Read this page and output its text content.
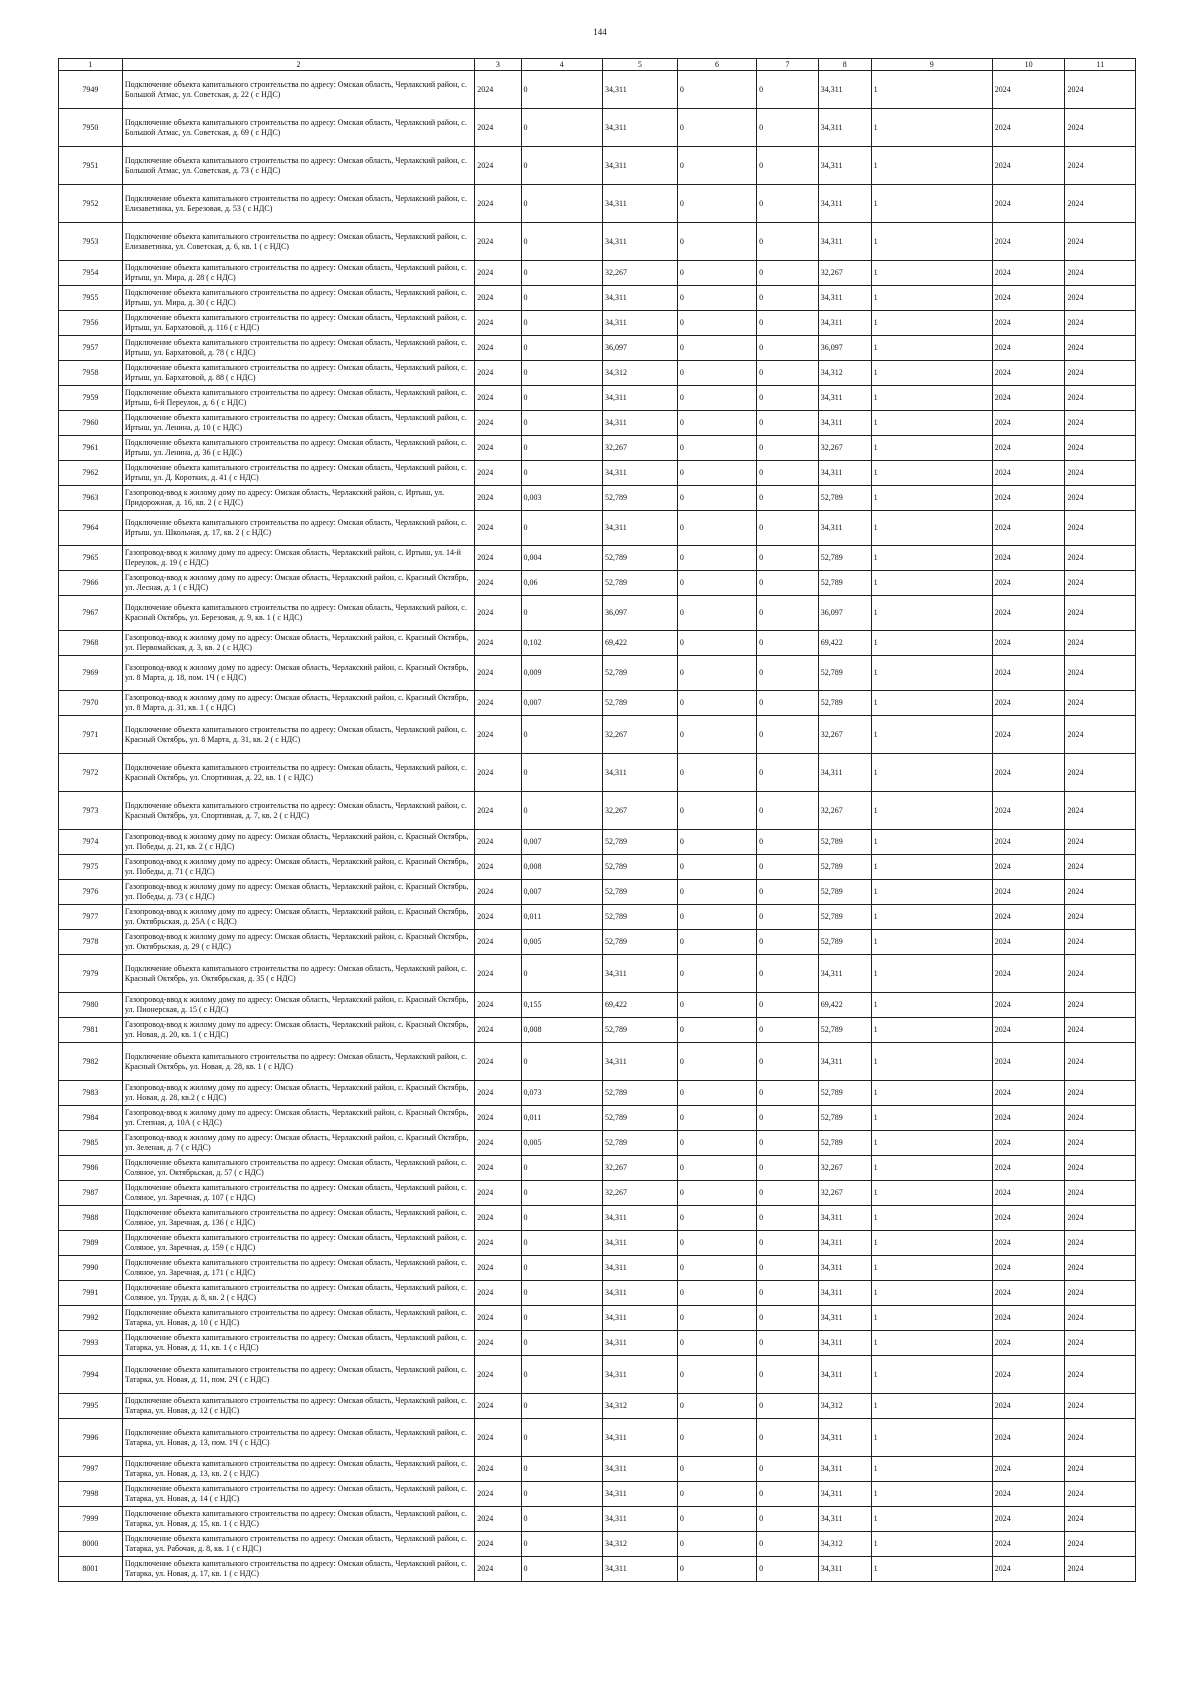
144
1	2	3	4	5	6	7	8	9	10	11
7949	Подключение объекта капитального строительства по адресу: Омская область, Черлакский район, с. Большой Атмас, ул. Советская, д. 22 ( с НДС)	2024	0	34,311	0	0	34,311	1	2024	2024
7950	Подключение объекта капитального строительства по адресу: Омская область, Черлакский район, с. Большой Атмас, ул. Советская, д. 69 ( с НДС)	2024	0	34,311	0	0	34,311	1	2024	2024
7951	Подключение объекта капитального строительства по адресу: Омская область, Черлакский район, с. Большой Атмас, ул. Советская, д. 73 ( с НДС)	2024	0	34,311	0	0	34,311	1	2024	2024
7952	Подключение объекта капитального строительства по адресу: Омская область, Черлакский район, с. Елизаветинка, ул. Березовая, д. 53 ( с НДС)	2024	0	34,311	0	0	34,311	1	2024	2024
7953	Подключение объекта капитального строительства по адресу: Омская область, Черлакский район, с. Елизаветинка, ул. Советская, д. 6, кв. 1 ( с НДС)	2024	0	34,311	0	0	34,311	1	2024	2024
7954	Подключение объекта капитального строительства по адресу: Омская область, Черлакский район, с. Иртыш, ул. Мира, д. 28 ( с НДС)	2024	0	32,267	0	0	32,267	1	2024	2024
7955	Подключение объекта капитального строительства по адресу: Омская область, Черлакский район, с. Иртыш, ул. Мира, д. 30 ( с НДС)	2024	0	34,311	0	0	34,311	1	2024	2024
7956	Подключение объекта капитального строительства по адресу: Омская область, Черлакский район, с. Иртыш, ул. Бархатовой, д. 116 ( с НДС)	2024	0	34,311	0	0	34,311	1	2024	2024
7957	Подключение объекта капитального строительства по адресу: Омская область, Черлакский район, с. Иртыш, ул. Бархатовой, д. 78 ( с НДС)	2024	0	36,097	0	0	36,097	1	2024	2024
7958	Подключение объекта капитального строительства по адресу: Омская область, Черлакский район, с. Иртыш, ул. Бархатовой, д. 88 ( с НДС)	2024	0	34,312	0	0	34,312	1	2024	2024
7959	Подключение объекта капитального строительства по адресу: Омская область, Черлакский район, с. Иртыш, 6-й Переулок, д. 6 ( с НДС)	2024	0	34,311	0	0	34,311	1	2024	2024
7960	Подключение объекта капитального строительства по адресу: Омская область, Черлакский район, с. Иртыш, ул. Ленина, д. 10 ( с НДС)	2024	0	34,311	0	0	34,311	1	2024	2024
7961	Подключение объекта капитального строительства по адресу: Омская область, Черлакский район, с. Иртыш, ул. Ленина, д. 36 ( с НДС)	2024	0	32,267	0	0	32,267	1	2024	2024
7962	Подключение объекта капитального строительства по адресу: Омская область, Черлакский район, с. Иртыш, ул. Д. Коротких, д. 41 ( с НДС)	2024	0	34,311	0	0	34,311	1	2024	2024
7963	Газопровод-ввод к жилому дому по адресу: Омская область, Черлакский район, с. Иртыш, ул. Придорожная, д. 16, кв. 2 ( с НДС)	2024	0,003	52,789	0	0	52,789	1	2024	2024
7964	Подключение объекта капитального строительства по адресу: Омская область, Черлакский район, с. Иртыш, ул. Школьная, д. 17, кв. 2 ( с НДС)	2024	0	34,311	0	0	34,311	1	2024	2024
7965	Газопровод-ввод к жилому дому по адресу: Омская область, Черлакский район, с. Иртыш, ул. 14-й Переулок, д. 19 ( с НДС)	2024	0,004	52,789	0	0	52,789	1	2024	2024
7966	Газопровод-ввод к жилому дому по адресу: Омская область, Черлакский район, с. Красный Октябрь, ул. Лесная, д. 1 ( с НДС)	2024	0,06	52,789	0	0	52,789	1	2024	2024
7967	Подключение объекта капитального строительства по адресу: Омская область, Черлакский район, с. Красный Октябрь, ул. Березовая, д. 9, кв. 1 ( с НДС)	2024	0	36,097	0	0	36,097	1	2024	2024
7968	Газопровод-ввод к жилому дому по адресу: Омская область, Черлакский район, с. Красный Октябрь, ул. Первомайская, д. 3, кв. 2 ( с НДС)	2024	0,102	69,422	0	0	69,422	1	2024	2024
7969	Газопровод-ввод к жилому дому по адресу: Омская область, Черлакский район, с. Красный Октябрь, ул. 8 Марта, д. 18, пом. 1Ч ( с НДС)	2024	0,009	52,789	0	0	52,789	1	2024	2024
7970	Газопровод-ввод к жилому дому по адресу: Омская область, Черлакский район, с. Красный Октябрь, ул. 8 Марта, д. 31, кв. 1 ( с НДС)	2024	0,007	52,789	0	0	52,789	1	2024	2024
7971	Подключение объекта капитального строительства по адресу: Омская область, Черлакский район, с. Красный Октябрь, ул. 8 Марта, д. 31, кв. 2 ( с НДС)	2024	0	32,267	0	0	32,267	1	2024	2024
7972	Подключение объекта капитального строительства по адресу: Омская область, Черлакский район, с. Красный Октябрь, ул. Спортивная, д. 22, кв. 1 ( с НДС)	2024	0	34,311	0	0	34,311	1	2024	2024
7973	Подключение объекта капитального строительства по адресу: Омская область, Черлакский район, с. Красный Октябрь, ул. Спортивная, д. 7, кв. 2 ( с НДС)	2024	0	32,267	0	0	32,267	1	2024	2024
7974	Газопровод-ввод к жилому дому по адресу: Омская область, Черлакский район, с. Красный Октябрь, ул. Победы, д. 21, кв. 2 ( с НДС)	2024	0,007	52,789	0	0	52,789	1	2024	2024
7975	Газопровод-ввод к жилому дому по адресу: Омская область, Черлакский район, с. Красный Октябрь, ул. Победы, д. 71 ( с НДС)	2024	0,008	52,789	0	0	52,789	1	2024	2024
7976	Газопровод-ввод к жилому дому по адресу: Омская область, Черлакский район, с. Красный Октябрь, ул. Победы, д. 73 ( с НДС)	2024	0,007	52,789	0	0	52,789	1	2024	2024
7977	Газопровод-ввод к жилому дому по адресу: Омская область, Черлакский район, с. Красный Октябрь, ул. Октябрьская, д. 25А ( с НДС)	2024	0,011	52,789	0	0	52,789	1	2024	2024
7978	Газопровод-ввод к жилому дому по адресу: Омская область, Черлакский район, с. Красный Октябрь, ул. Октябрьская, д. 29 ( с НДС)	2024	0,005	52,789	0	0	52,789	1	2024	2024
7979	Подключение объекта капитального строительства по адресу: Омская область, Черлакский район, с. Красный Октябрь, ул. Октябрьская, д. 35 ( с НДС)	2024	0	34,311	0	0	34,311	1	2024	2024
7980	Газопровод-ввод к жилому дому по адресу: Омская область, Черлакский район, с. Красный Октябрь, ул. Пионерская, д. 15 ( с НДС)	2024	0,155	69,422	0	0	69,422	1	2024	2024
7981	Газопровод-ввод к жилому дому по адресу: Омская область, Черлакский район, с. Красный Октябрь, ул. Новая, д. 20, кв. 1 ( с НДС)	2024	0,008	52,789	0	0	52,789	1	2024	2024
7982	Подключение объекта капитального строительства по адресу: Омская область, Черлакский район, с. Красный Октябрь, ул. Новая, д. 28, кв. 1 ( с НДС)	2024	0	34,311	0	0	34,311	1	2024	2024
7983	Газопровод-ввод к жилому дому по адресу: Омская область, Черлакский район, с. Красный Октябрь, ул. Новая, д. 28, кв.2 ( с НДС)	2024	0,073	52,789	0	0	52,789	1	2024	2024
7984	Газопровод-ввод к жилому дому по адресу: Омская область, Черлакский район, с. Красный Октябрь, ул. Степная, д. 10А ( с НДС)	2024	0,011	52,789	0	0	52,789	1	2024	2024
7985	Газопровод-ввод к жилому дому по адресу: Омская область, Черлакский район, с. Красный Октябрь, ул. Зеленая, д. 7 ( с НДС)	2024	0,005	52,789	0	0	52,789	1	2024	2024
7986	Подключение объекта капитального строительства по адресу: Омская область, Черлакский район, с. Соляное, ул. Октябрьская, д. 57 ( с НДС)	2024	0	32,267	0	0	32,267	1	2024	2024
7987	Подключение объекта капитального строительства по адресу: Омская область, Черлакский район, с. Солянoе, ул. Заречная, д. 107 ( с НДС)	2024	0	32,267	0	0	32,267	1	2024	2024
7988	Подключение объекта капитального строительства по адресу: Омская область, Черлакский район, с. Солянoе, ул. Заречная, д. 136 ( с НДС)	2024	0	34,311	0	0	34,311	1	2024	2024
7989	Подключение объекта капитального строительства по адресу: Омская область, Черлакский район, с. Солянoе, ул. Заречная, д. 159 ( с НДС)	2024	0	34,311	0	0	34,311	1	2024	2024
7990	Подключение объекта капитального строительства по адресу: Омская область, Черлакский район, с. Солянoе, ул. Заречная, д. 171 ( с НДС)	2024	0	34,311	0	0	34,311	1	2024	2024
7991	Подключение объекта капитального строительства по адресу: Омская область, Черлакский район, с. Солянoе, ул. Труда, д. 8, кв. 2 ( с НДС)	2024	0	34,311	0	0	34,311	1	2024	2024
7992	Подключение объекта капитального строительства по адресу: Омская область, Черлакский район, с. Татарка, ул. Новая, д. 10 ( с НДС)	2024	0	34,311	0	0	34,311	1	2024	2024
7993	Подключение объекта капитального строительства по адресу: Омская область, Черлакский район, с. Татарка, ул. Новая, д. 11, кв. 1 ( с НДС)	2024	0	34,311	0	0	34,311	1	2024	2024
7994	Подключение объекта капитального строительства по адресу: Омская область, Черлакский район, с. Татарка, ул. Новая, д. 11, пом. 2Ч ( с НДС)	2024	0	34,311	0	0	34,311	1	2024	2024
7995	Подключение объекта капитального строительства по адресу: Омская область, Черлакский район, с. Татарка, ул. Новая, д. 12 ( с НДС)	2024	0	34,312	0	0	34,312	1	2024	2024
7996	Подключение объекта капитального строительства по адресу: Омская область, Черлакский район, с. Татарка, ул. Новая, д. 13, пом. 1Ч ( с НДС)	2024	0	34,311	0	0	34,311	1	2024	2024
7997	Подключение объекта капитального строительства по адресу: Омская область, Черлакский район, с. Татарка, ул. Новая, д. 13, кв. 2 ( с НДС)	2024	0	34,311	0	0	34,311	1	2024	2024
7998	Подключение объекта капитального строительства по адресу: Омская область, Черлакский район, с. Татарка, ул. Новая, д. 14 ( с НДС)	2024	0	34,311	0	0	34,311	1	2024	2024
7999	Подключение объекта капитального строительства по адресу: Омская область, Черлакский район, с. Татарка, ул. Новая, д. 15, кв. 1 ( с НДС)	2024	0	34,311	0	0	34,311	1	2024	2024
8000	Подключение объекта капитального строительства по адресу: Омская область, Черлакский район, с. Татарка, ул. Рабочая, д. 8, кв. 1 ( с НДС)	2024	0	34,312	0	0	34,312	1	2024	2024
8001	Подключение объекта капитального строительства по адресу: Омская область, Черлакский район, с. Татарка, ул. Новая, д. 17, кв. 1 ( с НДС)	2024	0	34,311	0	0	34,311	1	2024	2024
